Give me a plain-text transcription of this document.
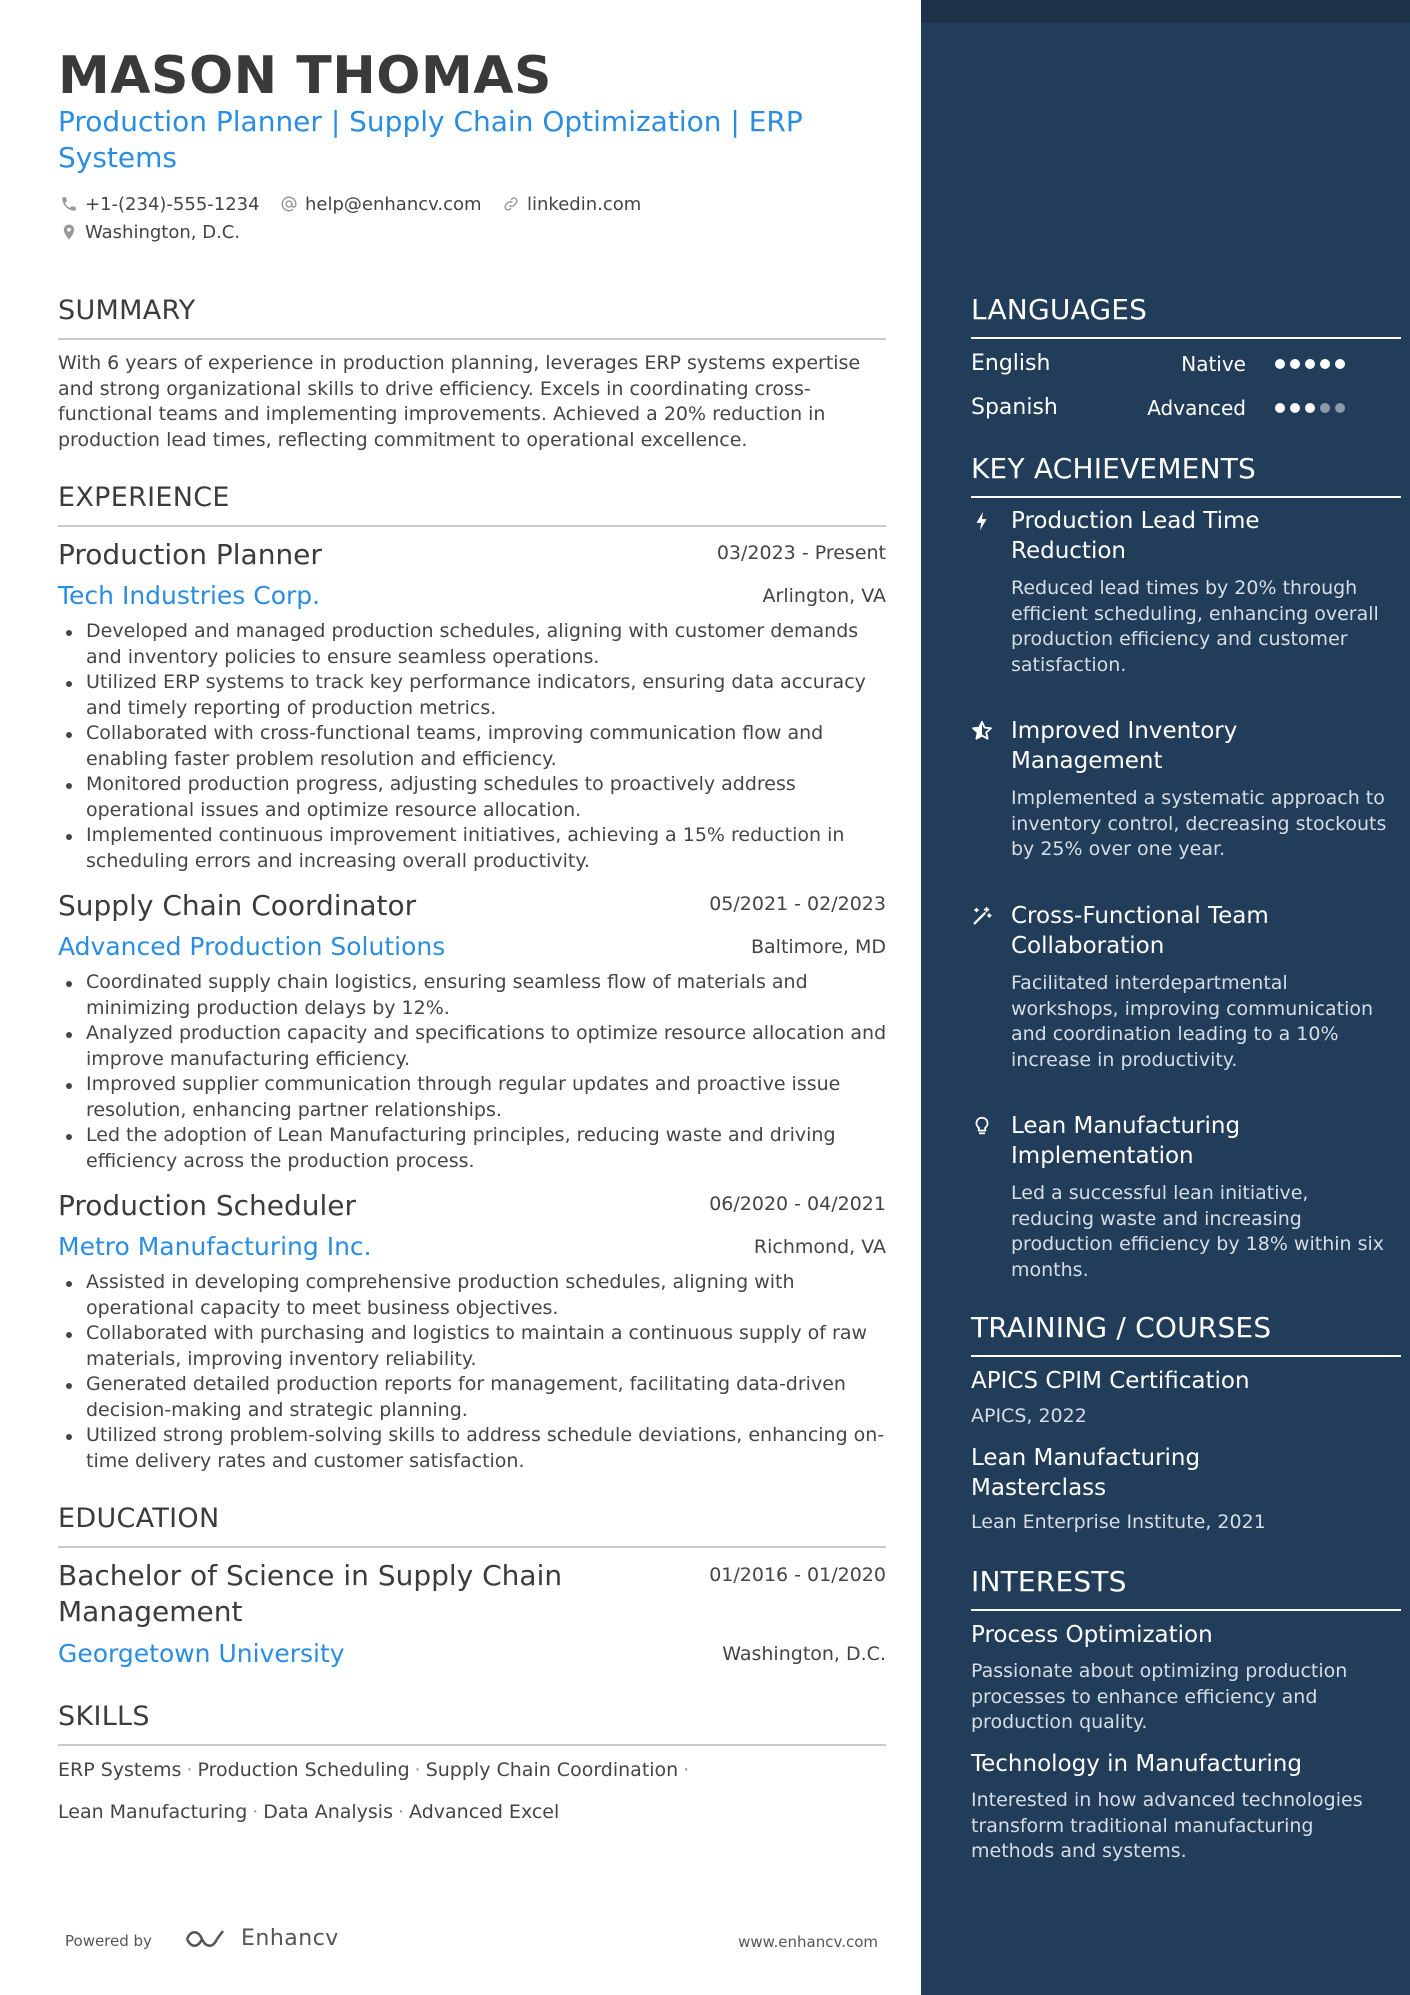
MASON THOMAS
Production Planner | Supply Chain Optimization | ERP Systems
+1-(234)-555-1234	help@enhancv.com	linkedin.com
Washington, D.C.
SUMMARY
With 6 years of experience in production planning, leverages ERP systems expertise and strong organizational skills to drive efficiency. Excels in coordinating cross-functional teams and implementing improvements. Achieved a 20% reduction in production lead times, reflecting commitment to operational excellence.
EXPERIENCE
Production Planner	03/2023 - Present
Tech Industries Corp.	Arlington, VA
Developed and managed production schedules, aligning with customer demands and inventory policies to ensure seamless operations.
Utilized ERP systems to track key performance indicators, ensuring data accuracy and timely reporting of production metrics.
Collaborated with cross-functional teams, improving communication flow and enabling faster problem resolution and efficiency.
Monitored production progress, adjusting schedules to proactively address operational issues and optimize resource allocation.
Implemented continuous improvement initiatives, achieving a 15% reduction in scheduling errors and increasing overall productivity.
Supply Chain Coordinator	05/2021 - 02/2023
Advanced Production Solutions	Baltimore, MD
Coordinated supply chain logistics, ensuring seamless flow of materials and minimizing production delays by 12%.
Analyzed production capacity and specifications to optimize resource allocation and improve manufacturing efficiency.
Improved supplier communication through regular updates and proactive issue resolution, enhancing partner relationships.
Led the adoption of Lean Manufacturing principles, reducing waste and driving efficiency across the production process.
Production Scheduler	06/2020 - 04/2021
Metro Manufacturing Inc.	Richmond, VA
Assisted in developing comprehensive production schedules, aligning with operational capacity to meet business objectives.
Collaborated with purchasing and logistics to maintain a continuous supply of raw materials, improving inventory reliability.
Generated detailed production reports for management, facilitating data-driven decision-making and strategic planning.
Utilized strong problem-solving skills to address schedule deviations, enhancing on-time delivery rates and customer satisfaction.
EDUCATION
Bachelor of Science in Supply Chain Management
01/2016 - 01/2020
Georgetown University	Washington, D.C.
SKILLS
ERP Systems · Production Scheduling · Supply Chain Coordination ·
Lean Manufacturing · Data Analysis · Advanced Excel
Powered by	Enhancv	www.enhancv.com
LANGUAGES
English	Native
Spanish	Advanced
KEY ACHIEVEMENTS
Production Lead Time Reduction
Reduced lead times by 20% through efficient scheduling, enhancing overall production efficiency and customer satisfaction.
Improved Inventory Management
Implemented a systematic approach to inventory control, decreasing stockouts by 25% over one year.
Cross-Functional Team Collaboration
Facilitated interdepartmental workshops, improving communication and coordination leading to a 10% increase in productivity.
Lean Manufacturing Implementation
Led a successful lean initiative, reducing waste and increasing production efficiency by 18% within six months.
TRAINING / COURSES
APICS CPIM Certification
APICS, 2022
Lean Manufacturing Masterclass
Lean Enterprise Institute, 2021
INTERESTS
Process Optimization
Passionate about optimizing production processes to enhance efficiency and production quality.
Technology in Manufacturing
Interested in how advanced technologies transform traditional manufacturing methods and systems.
